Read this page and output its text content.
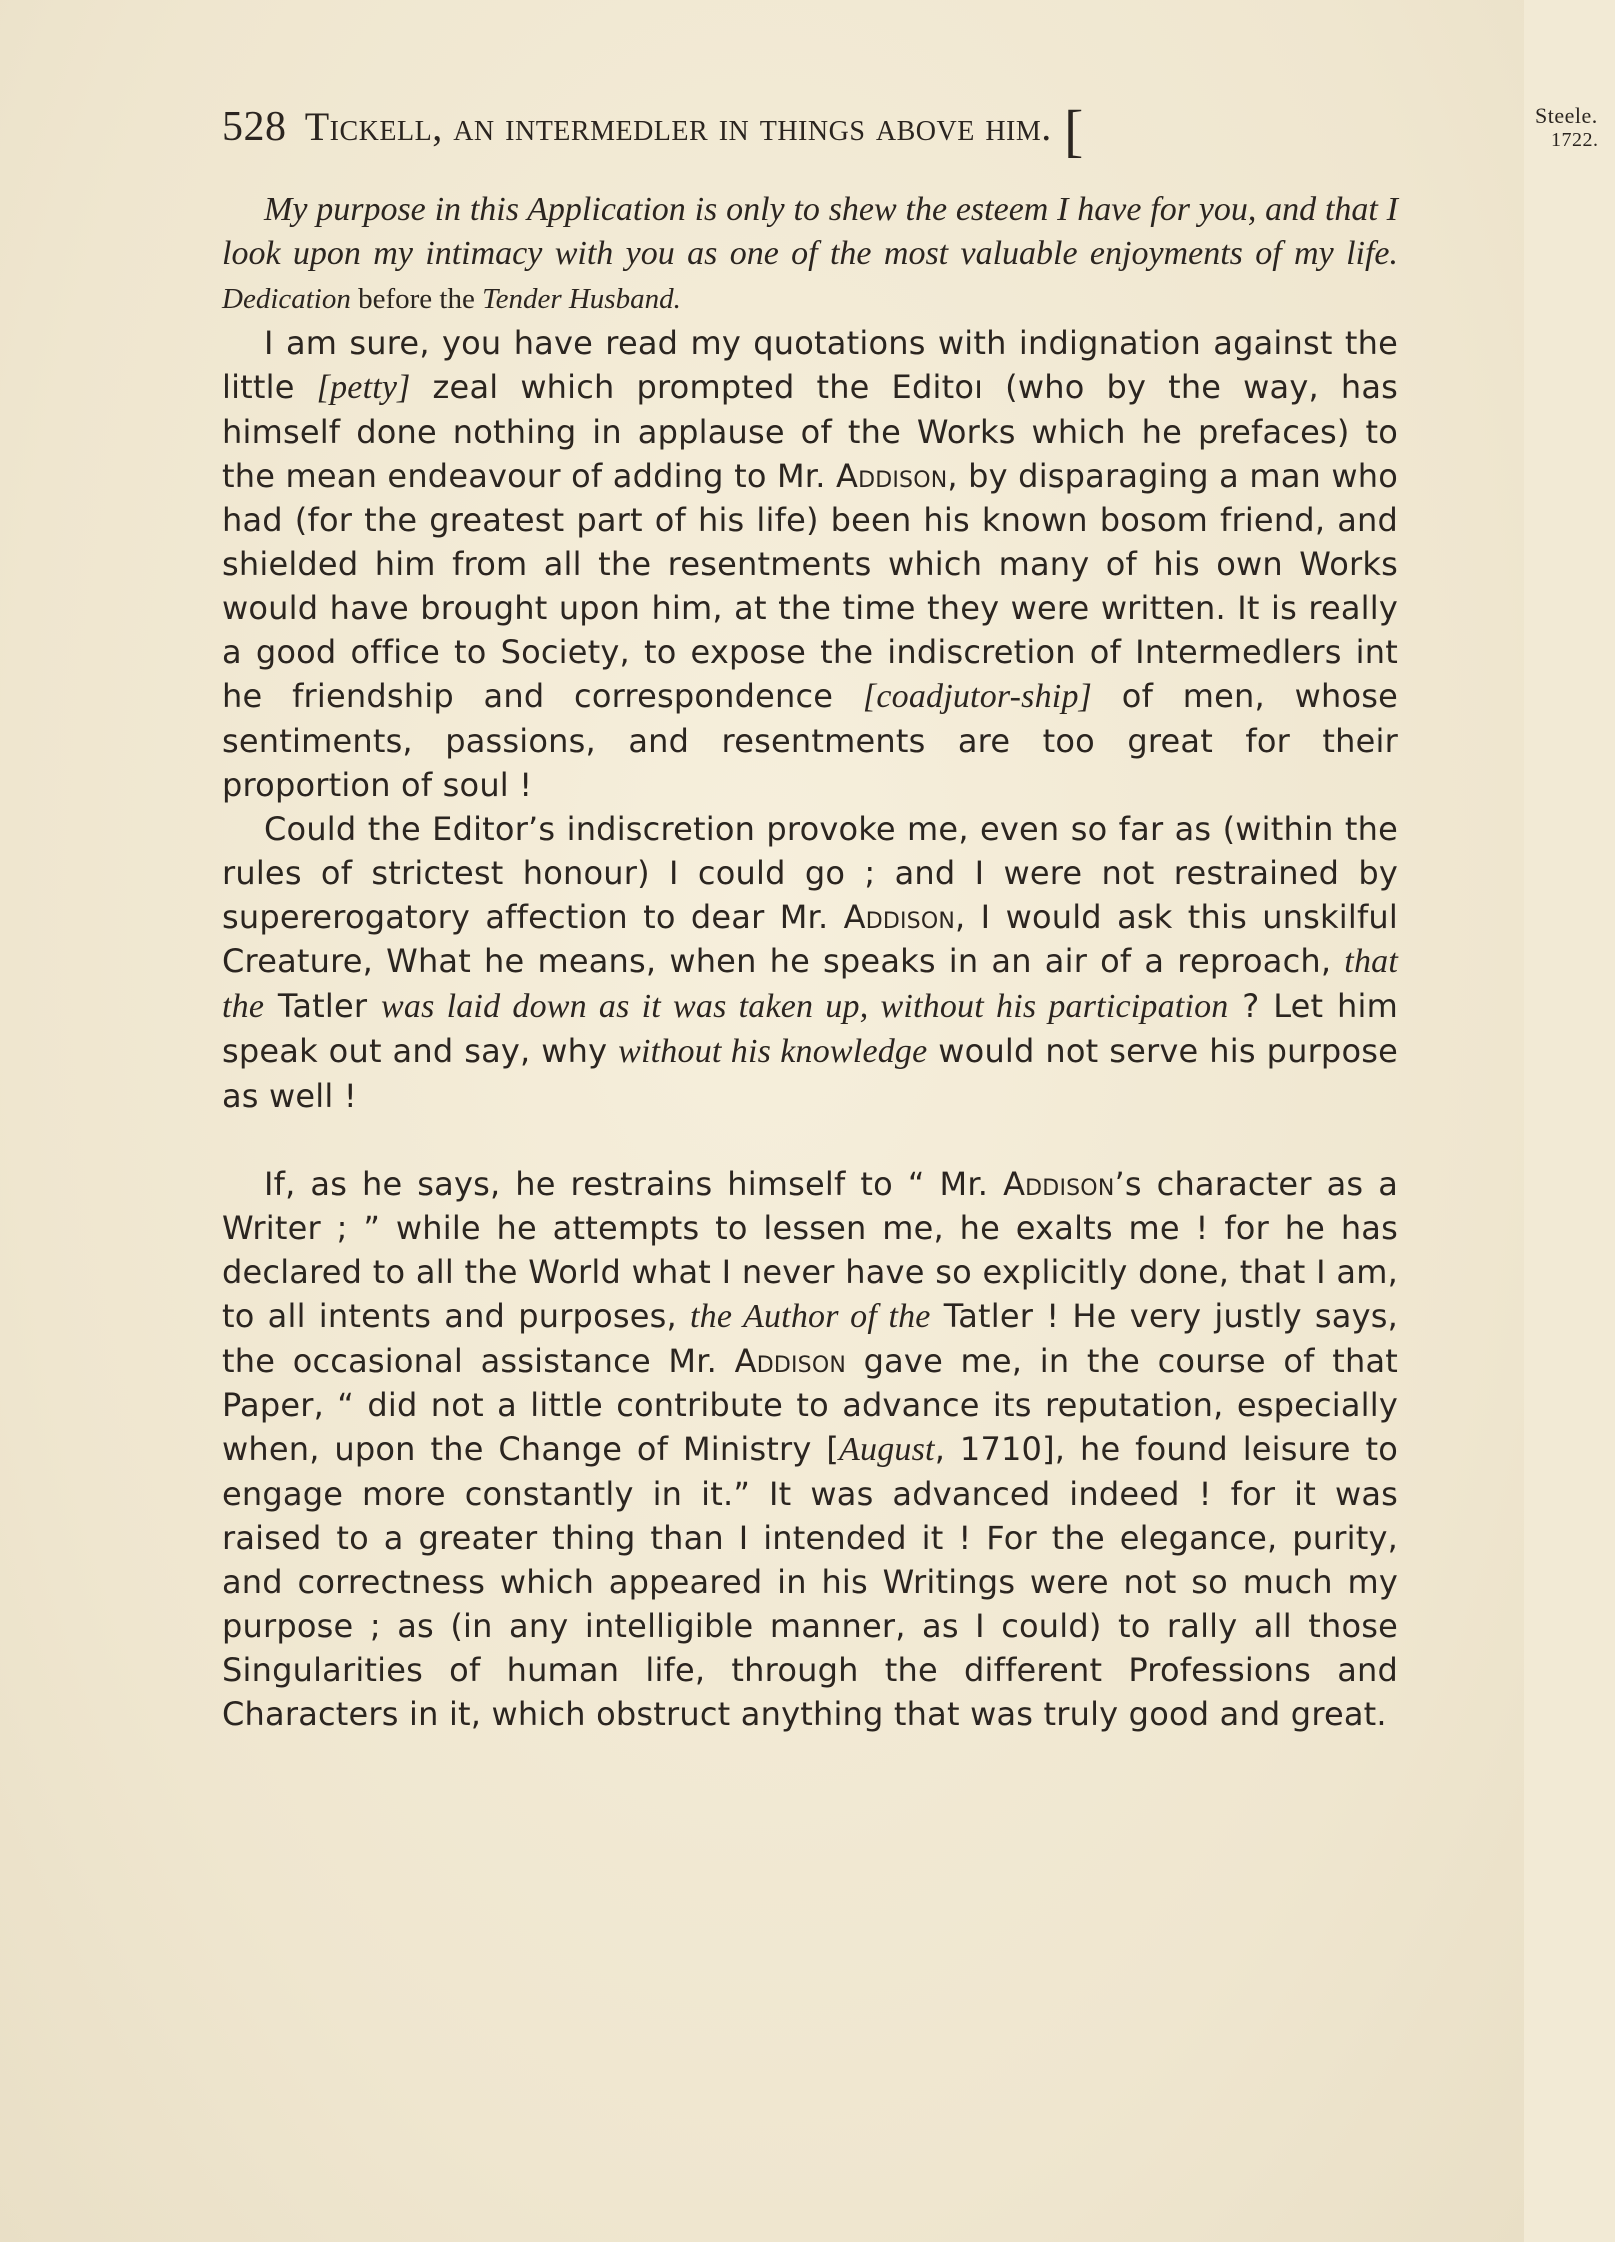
528 Tickell, an intermedler in things above him. [	Steele.
1722.

My purpose in this Application is only to shew the esteem I have for you, and that I look upon my intimacy with you as one of the most valuable enjoyments of my life. Dedication before the Tender Husband.

I am sure, you have read my quotations with indignation against the little [petty] zeal which prompted the Editoı (who by the way, has himself done nothing in applause of the Works which he prefaces) to the mean endeavour of adding to Mr. Addison, by disparaging a man who had (for the greatest part of his life) been his known bosom friend, and shielded him from all the resentments which many of his own Works would have brought upon him, at the time they were written. It is really a good office to Society, to expose the indiscretion of Intermedlers int he friendship and correspondence [coadjutor-ship] of men, whose sentiments, passions, and resentments are too great for their proportion of soul !

Could the Editor’s indiscretion provoke me, even so far as (within the rules of strictest honour) I could go ; and I were not restrained by supererogatory affection to dear Mr. Addison, I would ask this unskilful Creature, What he means, when he speaks in an air of a reproach, that the Tatler was laid down as it was taken up, without his participation ? Let him speak out and say, why without his knowledge would not serve his purpose as well !

If, as he says, he restrains himself to “ Mr. Addison’s character as a Writer ; ” while he attempts to lessen me, he exalts me ! for he has declared to all the World what I never have so explicitly done, that I am, to all intents and purposes, the Author of the Tatler ! He very justly says, the occasional assistance Mr. Addison gave me, in the course of that Paper, “ did not a little contribute to advance its reputation, especially when, upon the Change of Ministry [August, 1710], he found leisure to engage more constantly in it.” It was advanced indeed ! for it was raised to a greater thing than I intended it ! For the elegance, purity, and correctness which appeared in his Writings were not so much my purpose ; as (in any intelligible manner, as I could) to rally all those Singularities of human life, through the different Professions and Characters in it, which obstruct anything that was truly good and great.
